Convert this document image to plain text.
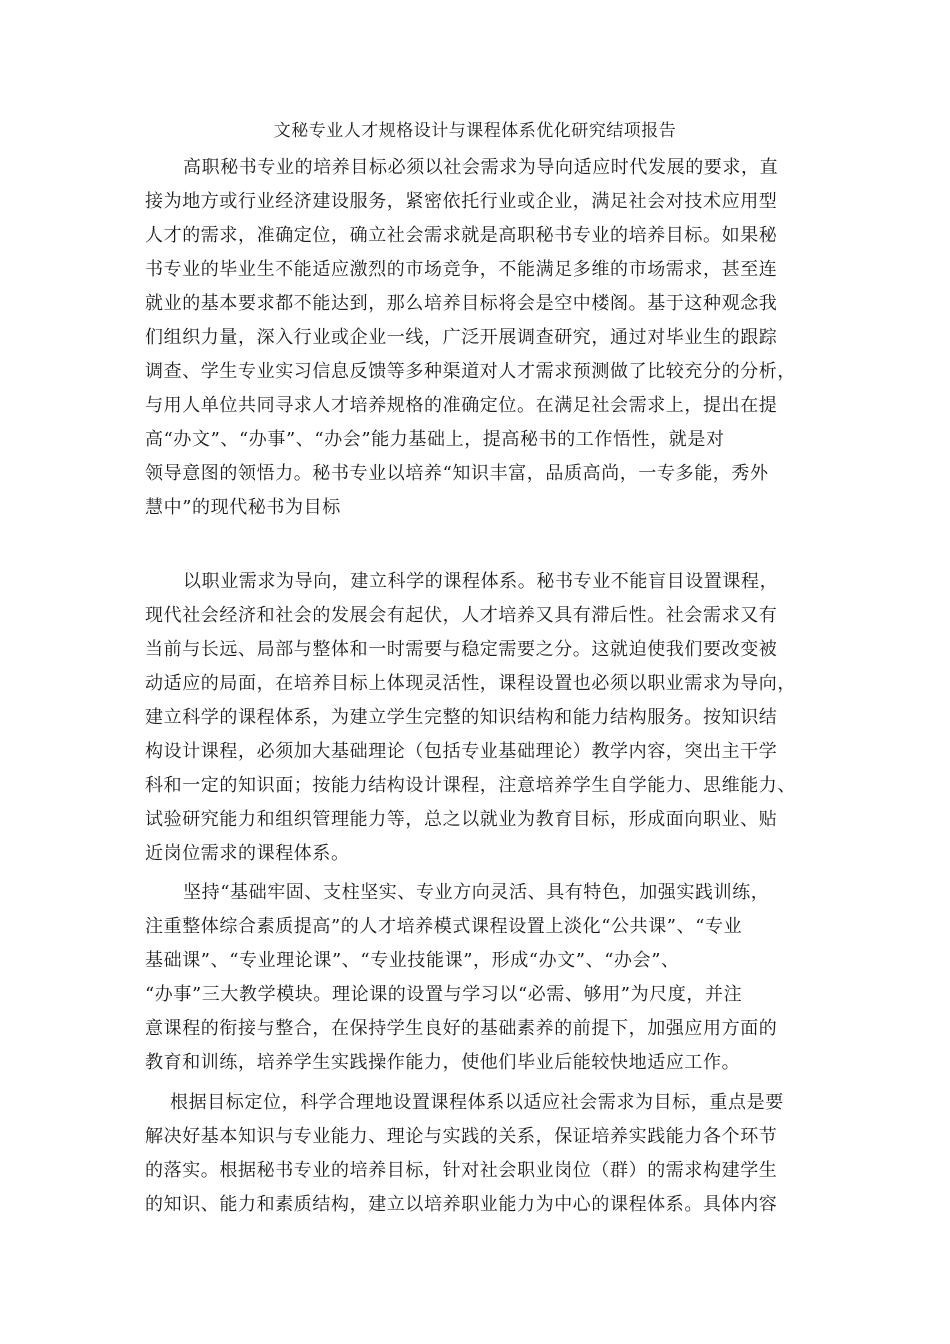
文秘专业人才规格设计与课程体系优化研究结项报告
高职秘书专业的培养目标必须以社会需求为导向适应时代发展的要求，直
接为地方或行业经济建设服务，紧密依托行业或企业，满足社会对技术应用型
人才的需求，准确定位，确立社会需求就是高职秘书专业的培养目标。如果秘
书专业的毕业生不能适应激烈的市场竞争，不能满足多维的市场需求，甚至连
就业的基本要求都不能达到，那么培养目标将会是空中楼阁。基于这种观念我
们组织力量，深入行业或企业一线，广泛开展调查研究，通过对毕业生的跟踪
调查、学生专业实习信息反馈等多种渠道对人才需求预测做了比较充分的分析，
与用人单位共同寻求人才培养规格的准确定位。在满足社会需求上，提出在提
高“办文”、“办事”、“办会”能力基础上，提高秘书的工作悟性，就是对
领导意图的领悟力。秘书专业以培养“知识丰富，品质高尚，一专多能，秀外
慧中”的现代秘书为目标
以职业需求为导向，建立科学的课程体系。秘书专业不能盲目设置课程，
现代社会经济和社会的发展会有起伏，人才培养又具有滞后性。社会需求又有
当前与长远、局部与整体和一时需要与稳定需要之分。这就迫使我们要改变被
动适应的局面，在培养目标上体现灵活性，课程设置也必须以职业需求为导向，
建立科学的课程体系，为建立学生完整的知识结构和能力结构服务。按知识结
构设计课程，必须加大基础理论（包括专业基础理论）教学内容，突出主干学
科和一定的知识面；按能力结构设计课程，注意培养学生自学能力、思维能力、
试验研究能力和组织管理能力等，总之以就业为教育目标，形成面向职业、贴
近岗位需求的课程体系。
坚持“基础牢固、支柱坚实、专业方向灵活、具有特色，加强实践训练，
注重整体综合素质提高”的人才培养模式课程设置上淡化“公共课”、“专业
基础课”、“专业理论课”、“专业技能课”，形成“办文”、“办会”、
“办事”三大教学模块。理论课的设置与学习以“必需、够用”为尺度，并注
意课程的衔接与整合，在保持学生良好的基础素养的前提下，加强应用方面的
教育和训练，培养学生实践操作能力，使他们毕业后能较快地适应工作。
根据目标定位，科学合理地设置课程体系以适应社会需求为目标，重点是要
解决好基本知识与专业能力、理论与实践的关系，保证培养实践能力各个环节
的落实。根据秘书专业的培养目标，针对社会职业岗位（群）的需求构建学生
的知识、能力和素质结构，建立以培养职业能力为中心的课程体系。具体内容
